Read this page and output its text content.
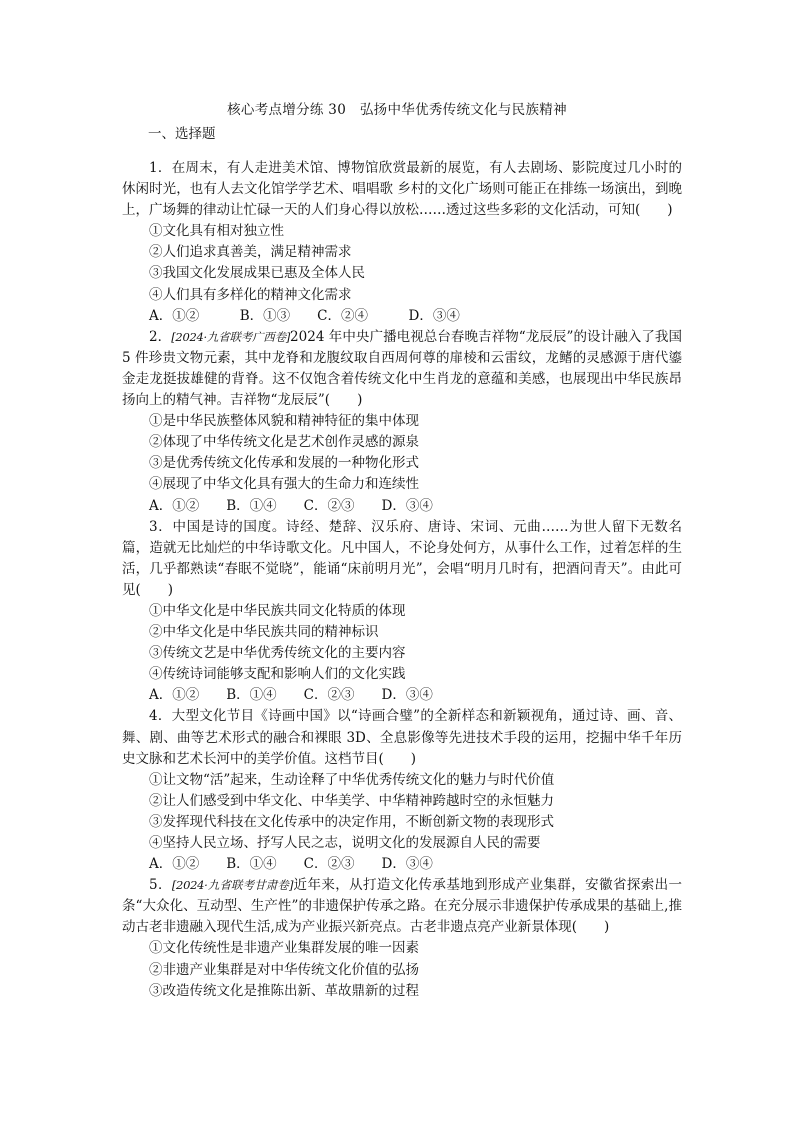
核心考点增分练 30　弘扬中华优秀传统文化与民族精神
一、选择题

1．在周末，有人走进美术馆、博物馆欣赏最新的展览，有人去剧场、影院度过几小时的休闲时光，也有人去文化馆学学艺术、唱唱歌 乡村的文化广场则可能正在排练一场演出，到晚上，广场舞的律动让忙碌一天的人们身心得以放松……透过这些多彩的文化活动，可知(　　)

①文化具有相对独立性
②人们追求真善美，满足精神需求
③我国文化发展成果已惠及全体人民
④人们具有多样化的精神文化需求
A．①②　　　B．①③　　C．②④　　　D．③④

2．[2024·九省联考广西卷]2024 年中央广播电视总台春晚吉祥物“龙辰辰”的设计融入了我国 5 件珍贵文物元素，其中龙脊和龙腹纹取自西周何尊的扉棱和云雷纹，龙鳍的灵感源于唐代鎏金走龙挺拔雄健的背脊。这不仅饱含着传统文化中生肖龙的意蕴和美感，也展现出中华民族昂扬向上的精气神。吉祥物“龙辰辰”(　　)

①是中华民族整体风貌和精神特征的集中体现
②体现了中华传统文化是艺术创作灵感的源泉
③是优秀传统文化传承和发展的一种物化形式
④展现了中华文化具有强大的生命力和连续性
A．①②　　B．①④　　C．②③　　D．③④

3．中国是诗的国度。诗经、楚辞、汉乐府、唐诗、宋词、元曲……为世人留下无数名篇，造就无比灿烂的中华诗歌文化。凡中国人，不论身处何方，从事什么工作，过着怎样的生活，几乎都熟读“春眠不觉晓”，能诵“床前明月光”，会唱“明月几时有，把酒问青天”。由此可见(　　)

①中华文化是中华民族共同文化特质的体现
②中华文化是中华民族共同的精神标识
③传统文艺是中华优秀传统文化的主要内容
④传统诗词能够支配和影响人们的文化实践
A．①②　　B．①④　　C．②③　　D．③④

4．大型文化节目《诗画中国》以“诗画合璧”的全新样态和新颖视角，通过诗、画、音、舞、剧、曲等艺术形式的融合和裸眼 3D、全息影像等先进技术手段的运用，挖掘中华千年历史文脉和艺术长河中的美学价值。这档节目(　　)

①让文物“活”起来，生动诠释了中华优秀传统文化的魅力与时代价值
②让人们感受到中华文化、中华美学、中华精神跨越时空的永恒魅力
③发挥现代科技在文化传承中的决定作用，不断创新文物的表现形式
④坚持人民立场、抒写人民之志，说明文化的发展源自人民的需要
A．①②　　B．①④　　C．②③　　D．③④

5．[2024·九省联考甘肃卷]近年来，从打造文化传承基地到形成产业集群，安徽省探索出一条“大众化、互动型、生产性”的非遗保护传承之路。在充分展示非遗保护传承成果的基础上,推动古老非遗融入现代生活,成为产业振兴新亮点。古老非遗点亮产业新景体现(　　)

①文化传统性是非遗产业集群发展的唯一因素
②非遗产业集群是对中华传统文化价值的弘扬
③改造传统文化是推陈出新、革故鼎新的过程
